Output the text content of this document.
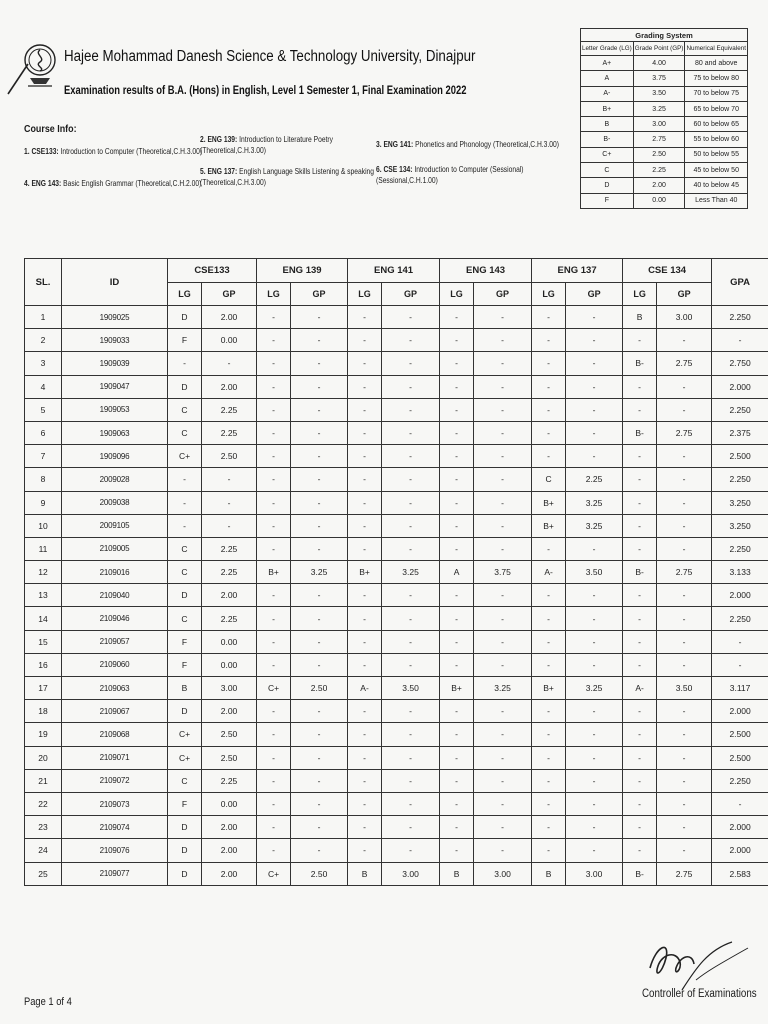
Hajee Mohammad Danesh Science & Technology University, Dinajpur
Examination results of B.A. (Hons) in English, Level 1 Semester 1, Final Examination 2022
Course Info:
1. CSE133: Introduction to Computer (Theoretical,C.H.3.00)
4. ENG 143: Basic English Grammar (Theoretical,C.H.2.00)
2. ENG 139: Introduction to Literature Poetry
(Theoretical,C.H.3.00)
5. ENG 137: English Language Skills Listening & speaking
(Theoretical,C.H.3.00)
3. ENG 141: Phonetics and Phonology (Theoretical,C.H.3.00)
6. CSE 134: Introduction to Computer (Sessional)
(Sessional,C.H.1.00)
Grading System		
Letter Grade (LG)	Grade Point (GP)	Numerical Equivalent
A+	4.00	80 and above
A	3.75	75 to below 80
A-	3.50	70 to below 75
B+	3.25	65 to below 70
B	3.00	60 to below 65
B-	2.75	55 to below 60
C+	2.50	50 to below 55
C	2.25	45 to below 50
D	2.00	40 to below 45
F	0.00	Less Than 40
SL.	ID	CSE133		ENG 139		ENG 141		ENG 143		ENG 137		CSE 134		GPA
		LG	GP	LG	GP	LG	GP	LG	GP	LG	GP	LG	GP	
1	1909025	D	2.00	-	-	-	-	-	-	-	-	B	3.00	2.250
2	1909033	F	0.00	-	-	-	-	-	-	-	-	-	-	-
3	1909039	-	-	-	-	-	-	-	-	-	-	B-	2.75	2.750
4	1909047	D	2.00	-	-	-	-	-	-	-	-	-	-	2.000
5	1909053	C	2.25	-	-	-	-	-	-	-	-	-	-	2.250
6	1909063	C	2.25	-	-	-	-	-	-	-	-	B-	2.75	2.375
7	1909096	C+	2.50	-	-	-	-	-	-	-	-	-	-	2.500
8	2009028	-	-	-	-	-	-	-	-	C	2.25	-	-	2.250
9	2009038	-	-	-	-	-	-	-	-	B+	3.25	-	-	3.250
10	2009105	-	-	-	-	-	-	-	-	B+	3.25	-	-	3.250
11	2109005	C	2.25	-	-	-	-	-	-	-	-	-	-	2.250
12	2109016	C	2.25	B+	3.25	B+	3.25	A	3.75	A-	3.50	B-	2.75	3.133
13	2109040	D	2.00	-	-	-	-	-	-	-	-	-	-	2.000
14	2109046	C	2.25	-	-	-	-	-	-	-	-	-	-	2.250
15	2109057	F	0.00	-	-	-	-	-	-	-	-	-	-	-
16	2109060	F	0.00	-	-	-	-	-	-	-	-	-	-	-
17	2109063	B	3.00	C+	2.50	A-	3.50	B+	3.25	B+	3.25	A-	3.50	3.117
18	2109067	D	2.00	-	-	-	-	-	-	-	-	-	-	2.000
19	2109068	C+	2.50	-	-	-	-	-	-	-	-	-	-	2.500
20	2109071	C+	2.50	-	-	-	-	-	-	-	-	-	-	2.500
21	2109072	C	2.25	-	-	-	-	-	-	-	-	-	-	2.250
22	2109073	F	0.00	-	-	-	-	-	-	-	-	-	-	-
23	2109074	D	2.00	-	-	-	-	-	-	-	-	-	-	2.000
24	2109076	D	2.00	-	-	-	-	-	-	-	-	-	-	2.000
25	2109077	D	2.00	C+	2.50	B	3.00	B	3.00	B	3.00	B-	2.75	2.583
Page 1 of 4
Controller of Examinations
